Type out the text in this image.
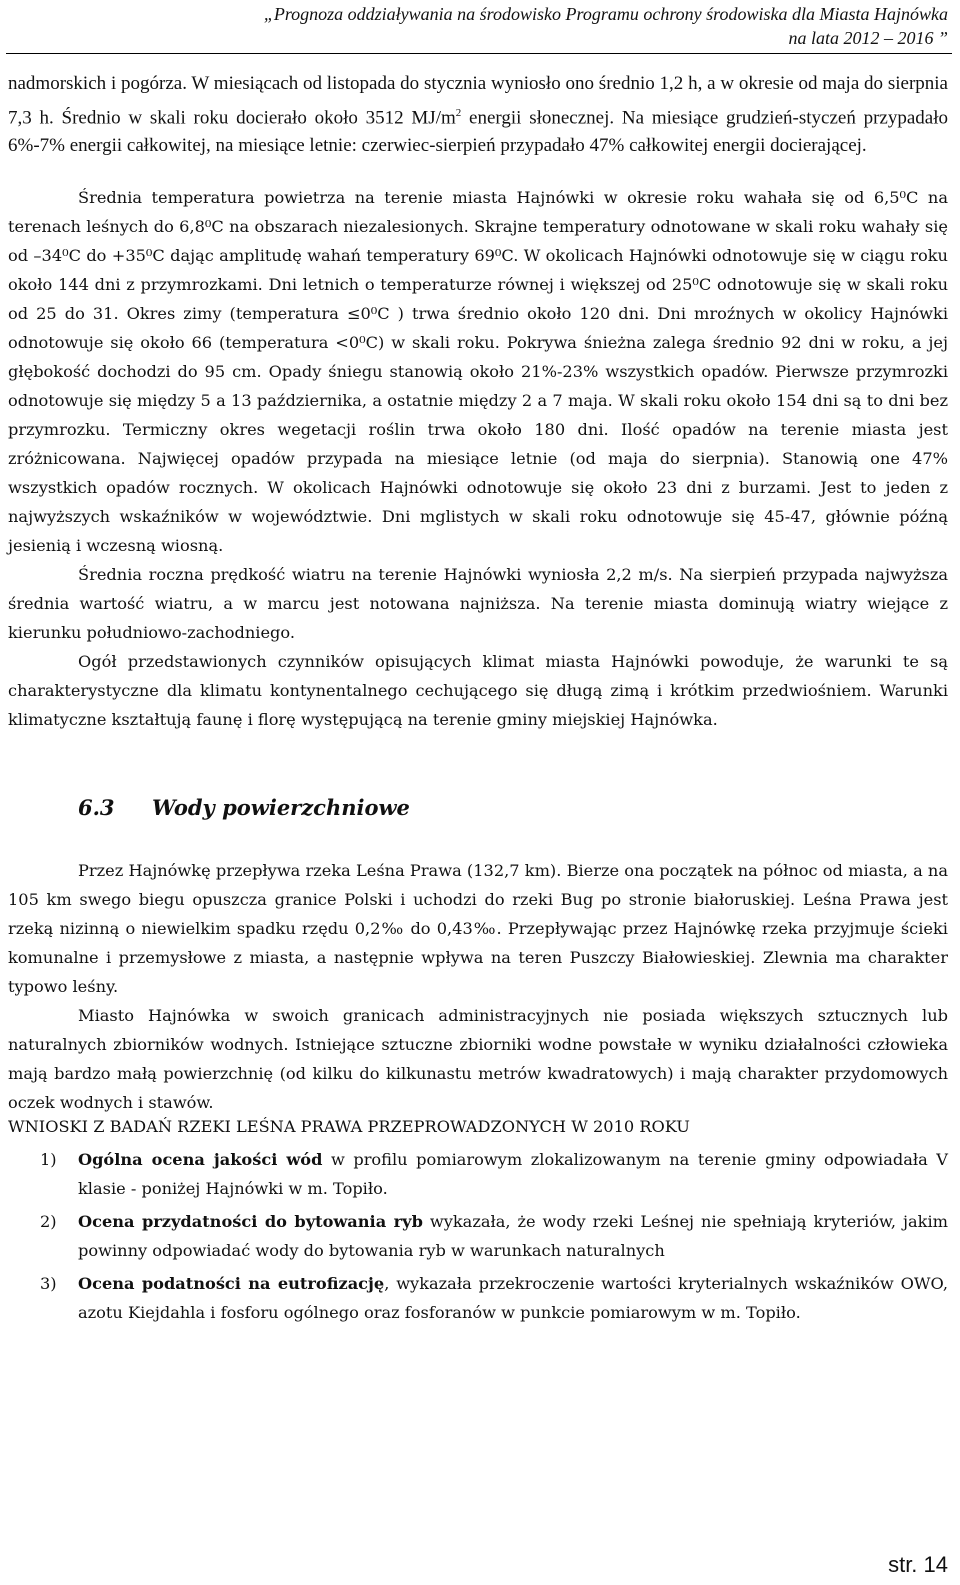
„Prognoza oddziaływania na środowisko Programu ochrony środowiska dla Miasta Hajnówka
na lata 2012 – 2016 ”
nadmorskich i pogórza. W miesiącach od listopada do stycznia wyniosło ono średnio 1,2 h, a w okresie od maja do sierpnia 7,3 h. Średnio w skali roku docierało około 3512 $MJ/m^2$ energii słonecznej. Na miesiące grudzień-styczeń przypadało 6%-7% energii całkowitej, na miesiące letnie: czerwiec-sierpień przypadało 47% całkowitej energii docierającej.

Średnia temperatura powietrza na terenie miasta Hajnówki w okresie roku wahała się od 6,5⁰C na terenach leśnych do 6,8⁰C na obszarach niezalesionych. Skrajne temperatury odnotowane w skali roku wahały się od –34⁰C do +35⁰C dając amplitudę wahań temperatury 69⁰C. W okolicach Hajnówki odnotowuje się w ciągu roku około 144 dni z przymrozkami. Dni letnich o temperaturze równej i większej od 25⁰C odnotowuje się w skali roku od 25 do 31. Okres zimy (temperatura ≤0⁰C ) trwa średnio około 120 dni. Dni mroźnych w okolicy Hajnówki odnotowuje się około 66 (temperatura <0⁰C) w skali roku. Pokrywa śnieżna zalega średnio 92 dni w roku, a jej głębokość dochodzi do 95 cm. Opady śniegu stanowią około 21%-23% wszystkich opadów. Pierwsze przymrozki odnotowuje się między 5 a 13 października, a ostatnie między 2 a 7 maja. W skali roku około 154 dni są to dni bez przymrozku. Termiczny okres wegetacji roślin trwa około 180 dni. Ilość opadów na terenie miasta jest zróżnicowana. Najwięcej opadów przypada na miesiące letnie (od maja do sierpnia). Stanowią one 47% wszystkich opadów rocznych. W okolicach Hajnówki odnotowuje się około 23 dni z burzami. Jest to jeden z najwyższych wskaźników w województwie. Dni mglistych w skali roku odnotowuje się 45-47, głównie późną jesienią i wczesną wiosną.

Średnia roczna prędkość wiatru na terenie Hajnówki wyniosła 2,2 m/s. Na sierpień przypada najwyższa średnia wartość wiatru, a w marcu jest notowana najniższa. Na terenie miasta dominują wiatry wiejące z kierunku południowo-zachodniego.

Ogół przedstawionych czynników opisujących klimat miasta Hajnówki powoduje, że warunki te są charakterystyczne dla klimatu kontynentalnego cechującego się długą zimą i krótkim przedwiośniem. Warunki klimatyczne kształtują faunę i florę występującą na terenie gminy miejskiej Hajnówka.

6.3 Wody powierzchniowe

Przez Hajnówkę przepływa rzeka Leśna Prawa (132,7 km). Bierze ona początek na północ od miasta, a na 105 km swego biegu opuszcza granice Polski i uchodzi do rzeki Bug po stronie białoruskiej. Leśna Prawa jest rzeką nizinną o niewielkim spadku rzędu 0,2‰ do 0,43‰. Przepływając przez Hajnówkę rzeka przyjmuje ścieki komunalne i przemysłowe z miasta, a następnie wpływa na teren Puszczy Białowieskiej. Zlewnia ma charakter typowo leśny.

Miasto Hajnówka w swoich granicach administracyjnych nie posiada większych sztucznych lub naturalnych zbiorników wodnych. Istniejące sztuczne zbiorniki wodne powstałe w wyniku działalności człowieka mają bardzo małą powierzchnię (od kilku do kilkunastu metrów kwadratowych) i mają charakter przydomowych oczek wodnych i stawów.

WNIOSKI Z BADAŃ RZEKI LEŚNA PRAWA PRZEPROWADZONYCH W 2010 ROKU
1) Ogólna ocena jakości wód w profilu pomiarowym zlokalizowanym na terenie gminy odpowiadała V klasie - poniżej Hajnówki w m. Topiło.
2) Ocena przydatności do bytowania ryb wykazała, że wody rzeki Leśnej nie spełniają kryteriów, jakim powinny odpowiadać wody do bytowania ryb w warunkach naturalnych
3) Ocena podatności na eutrofizację, wykazała przekroczenie wartości kryterialnych wskaźników OWO, azotu Kiejdahla i fosforu ogólnego oraz fosforanów w punkcie pomiarowym w m. Topiło.
str. 14
